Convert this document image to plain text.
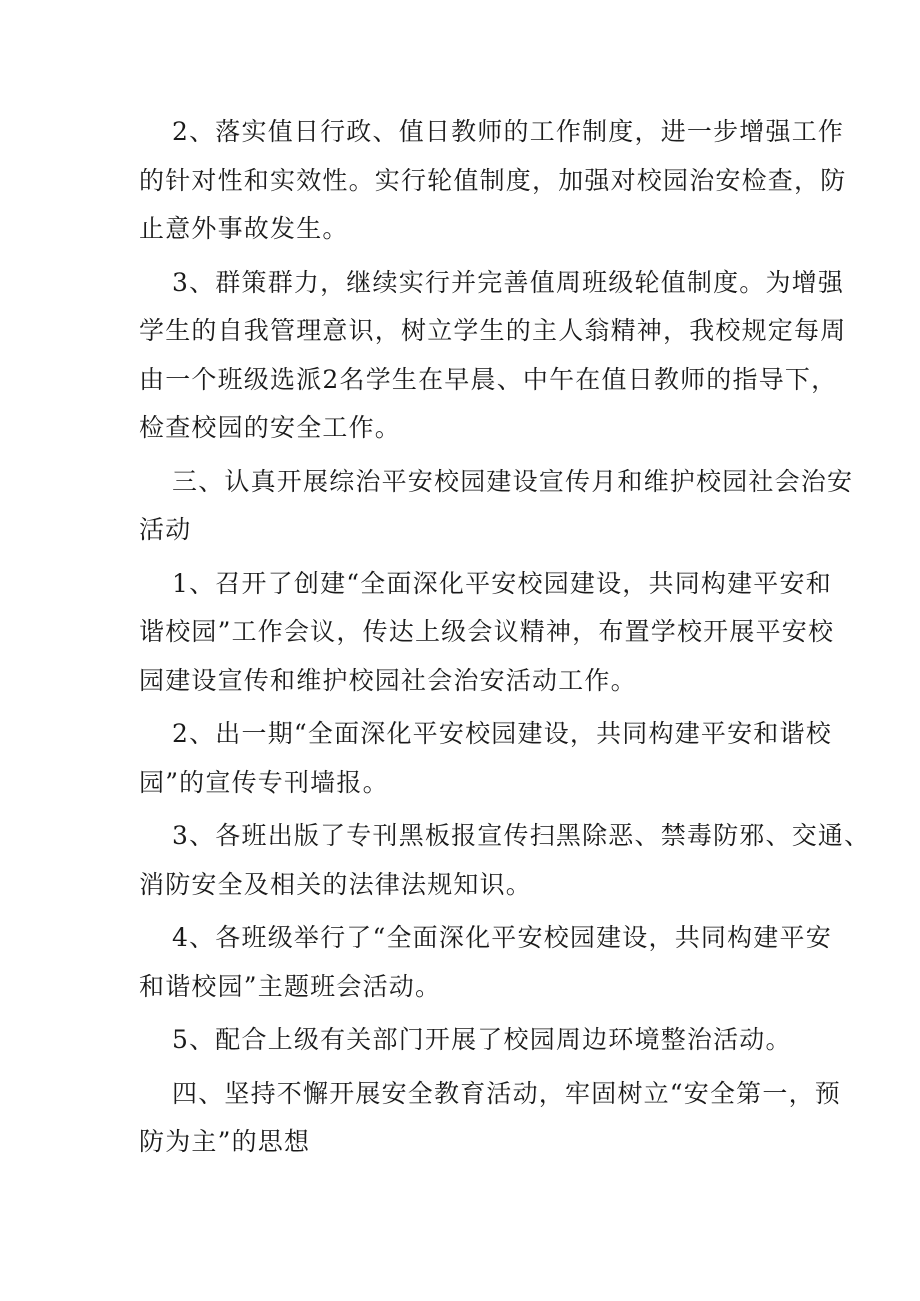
2、落实值日行政、值日教师的工作制度，进一步增强工作
的针对性和实效性。实行轮值制度，加强对校园治安检查，防
止意外事故发生。

3、群策群力，继续实行并完善值周班级轮值制度。为增强
学生的自我管理意识，树立学生的主人翁精神，我校规定每周
由一个班级选派2名学生在早晨、中午在值日教师的指导下，
检查校园的安全工作。

三、认真开展综治平安校园建设宣传月和维护校园社会治安
活动

1、召开了创建“全面深化平安校园建设，共同构建平安和
谐校园”工作会议，传达上级会议精神，布置学校开展平安校
园建设宣传和维护校园社会治安活动工作。

2、出一期“全面深化平安校园建设，共同构建平安和谐校
园”的宣传专刊墙报。

3、各班出版了专刊黑板报宣传扫黑除恶、禁毒防邪、交通、
消防安全及相关的法律法规知识。

4、各班级举行了“全面深化平安校园建设，共同构建平安
和谐校园”主题班会活动。

5、配合上级有关部门开展了校园周边环境整治活动。

四、坚持不懈开展安全教育活动，牢固树立“安全第一，预
防为主”的思想
